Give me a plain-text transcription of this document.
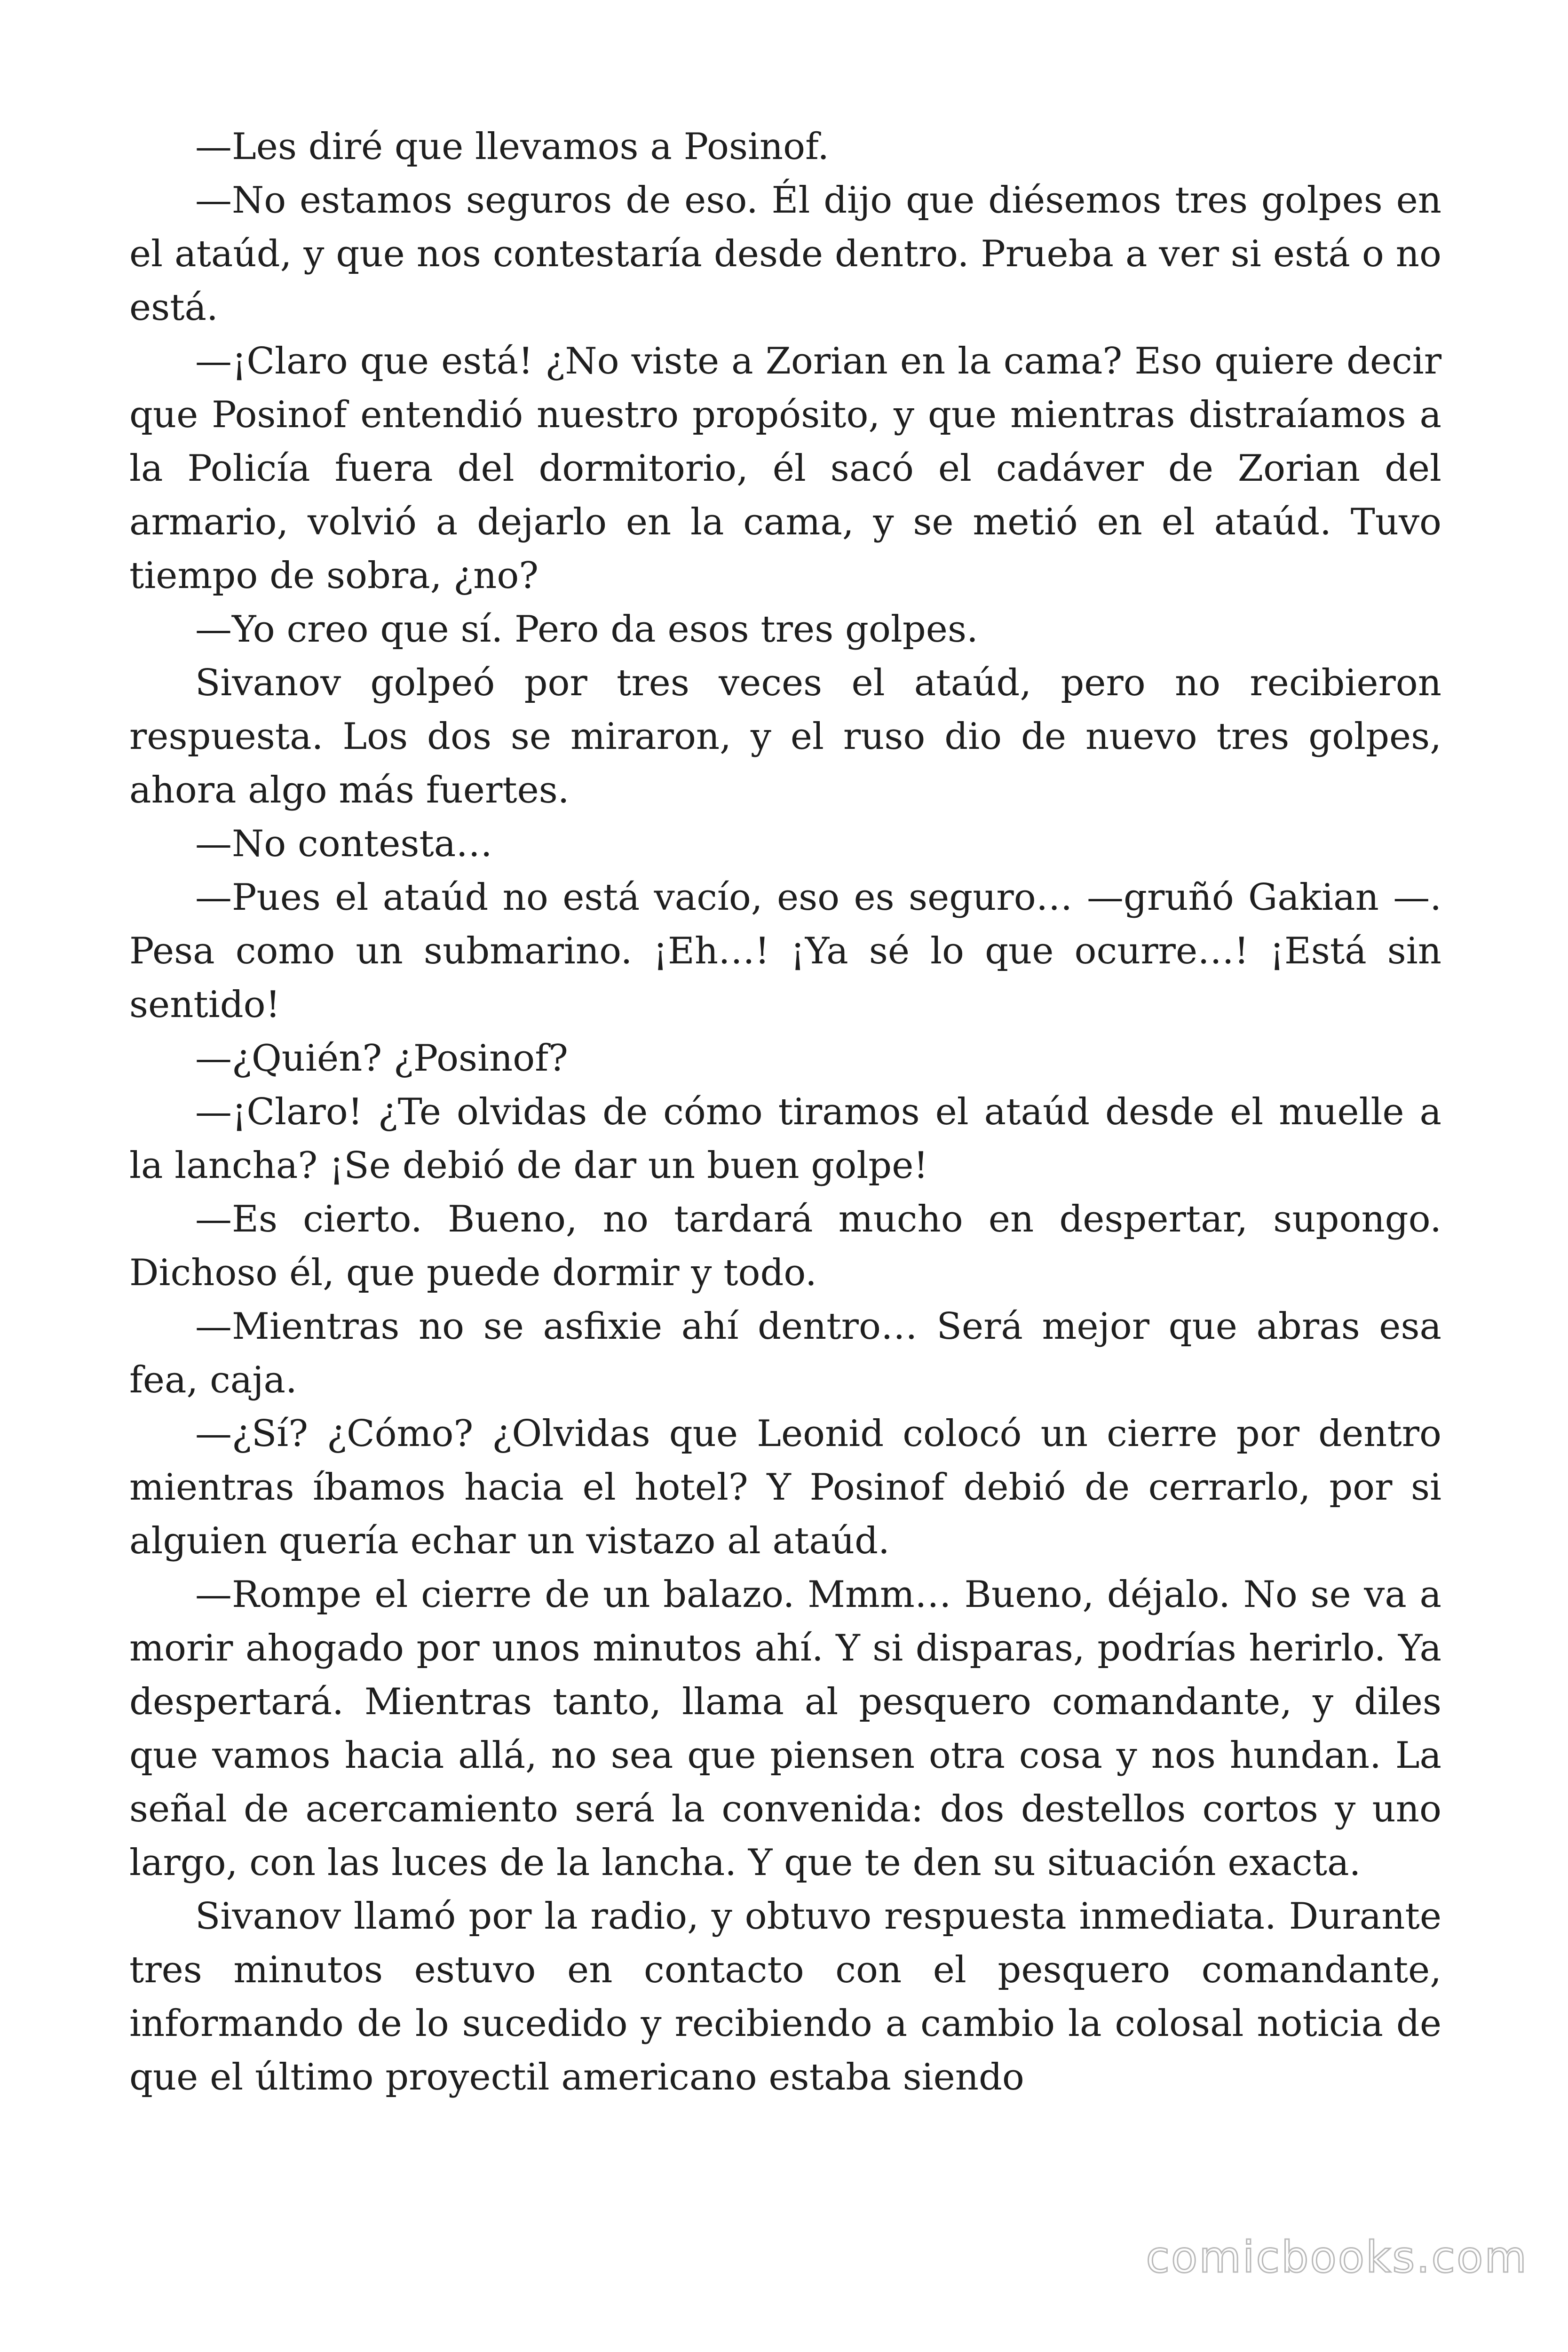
—Les diré que llevamos a Posinof.

—No estamos seguros de eso. Él dijo que diésemos tres golpes en el ataúd, y que nos contestaría desde dentro. Prueba a ver si está o no está.

—¡Claro que está! ¿No viste a Zorian en la cama? Eso quiere decir que Posinof entendió nuestro propósito, y que mientras distraíamos a la Policía fuera del dormitorio, él sacó el cadáver de Zorian del armario, volvió a dejarlo en la cama, y se metió en el ataúd. Tuvo tiempo de sobra, ¿no?

—Yo creo que sí. Pero da esos tres golpes.

Sivanov golpeó por tres veces el ataúd, pero no recibieron respuesta. Los dos se miraron, y el ruso dio de nuevo tres golpes, ahora algo más fuertes.

—No contesta…

—Pues el ataúd no está vacío, eso es seguro… —gruñó Gakian —. Pesa como un submarino. ¡Eh…! ¡Ya sé lo que ocurre…! ¡Está sin sentido!

—¿Quién? ¿Posinof?

—¡Claro! ¿Te olvidas de cómo tiramos el ataúd desde el muelle a la lancha? ¡Se debió de dar un buen golpe!

—Es cierto. Bueno, no tardará mucho en despertar, supongo. Dichoso él, que puede dormir y todo.

—Mientras no se asfixie ahí dentro… Será mejor que abras esa fea, caja.

—¿Sí? ¿Cómo? ¿Olvidas que Leonid colocó un cierre por dentro mientras íbamos hacia el hotel? Y Posinof debió de cerrarlo, por si alguien quería echar un vistazo al ataúd.

—Rompe el cierre de un balazo. Mmm… Bueno, déjalo. No se va a morir ahogado por unos minutos ahí. Y si disparas, podrías herirlo. Ya despertará. Mientras tanto, llama al pesquero comandante, y diles que vamos hacia allá, no sea que piensen otra cosa y nos hundan. La señal de acercamiento será la convenida: dos destellos cortos y uno largo, con las luces de la lancha. Y que te den su situación exacta.

Sivanov llamó por la radio, y obtuvo respuesta inmediata. Durante tres minutos estuvo en contacto con el pesquero comandante, informando de lo sucedido y recibiendo a cambio la colosal noticia de que el último proyectil americano estaba siendo

comicbooks.com
